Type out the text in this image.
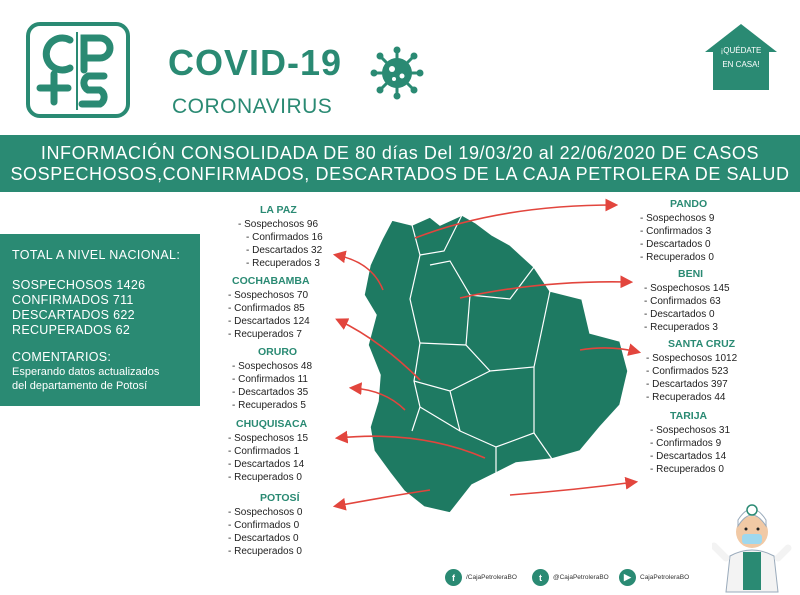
COVID-19
CORONAVIRUS
¡QUÉDATE
EN CASA!
INFORMACIÓN CONSOLIDADA DE 80 días Del 19/03/20 al 22/06/2020 DE CASOS
SOSPECHOSOS,CONFIRMADOS, DESCARTADOS DE LA CAJA PETROLERA DE SALUD
TOTAL A NIVEL NACIONAL:
SOSPECHOSOS 1426
CONFIRMADOS 711
DESCARTADOS 622
RECUPERADOS 62
COMENTARIOS:
Esperando datos actualizados
del departamento de Potosí
LA PAZ
- Sospechosos 96
- Confirmados 16
- Descartados 32
- Recuperados 3
COCHABAMBA
- Sospechosos 70
- Confirmados 85
- Descartados 124
- Recuperados 7
ORURO
- Sospechosos 48
- Confirmados 11
- Descartados 35
- Recuperados 5
CHUQUISACA
- Sospechosos 15
- Confirmados 1
- Descartados 14
- Recuperados 0
POTOSÍ
- Sospechosos 0
- Confirmados 0
- Descartados 0
- Recuperados 0
PANDO
- Sospechosos 9
- Confirmados 3
- Descartados 0
- Recuperados 0
BENI
- Sospechosos 145
- Confirmados 63
- Descartados 0
- Recuperados 3
SANTA CRUZ
- Sospechosos 1012
- Confirmados 523
- Descartados 397
- Recuperados 44
TARIJA
- Sospechosos 31
- Confirmados 9
- Descartados 14
- Recuperados 0
f	/CajaPetroleraBO	t	@CajaPetroleraBO	▶	CajaPetroleraBO
